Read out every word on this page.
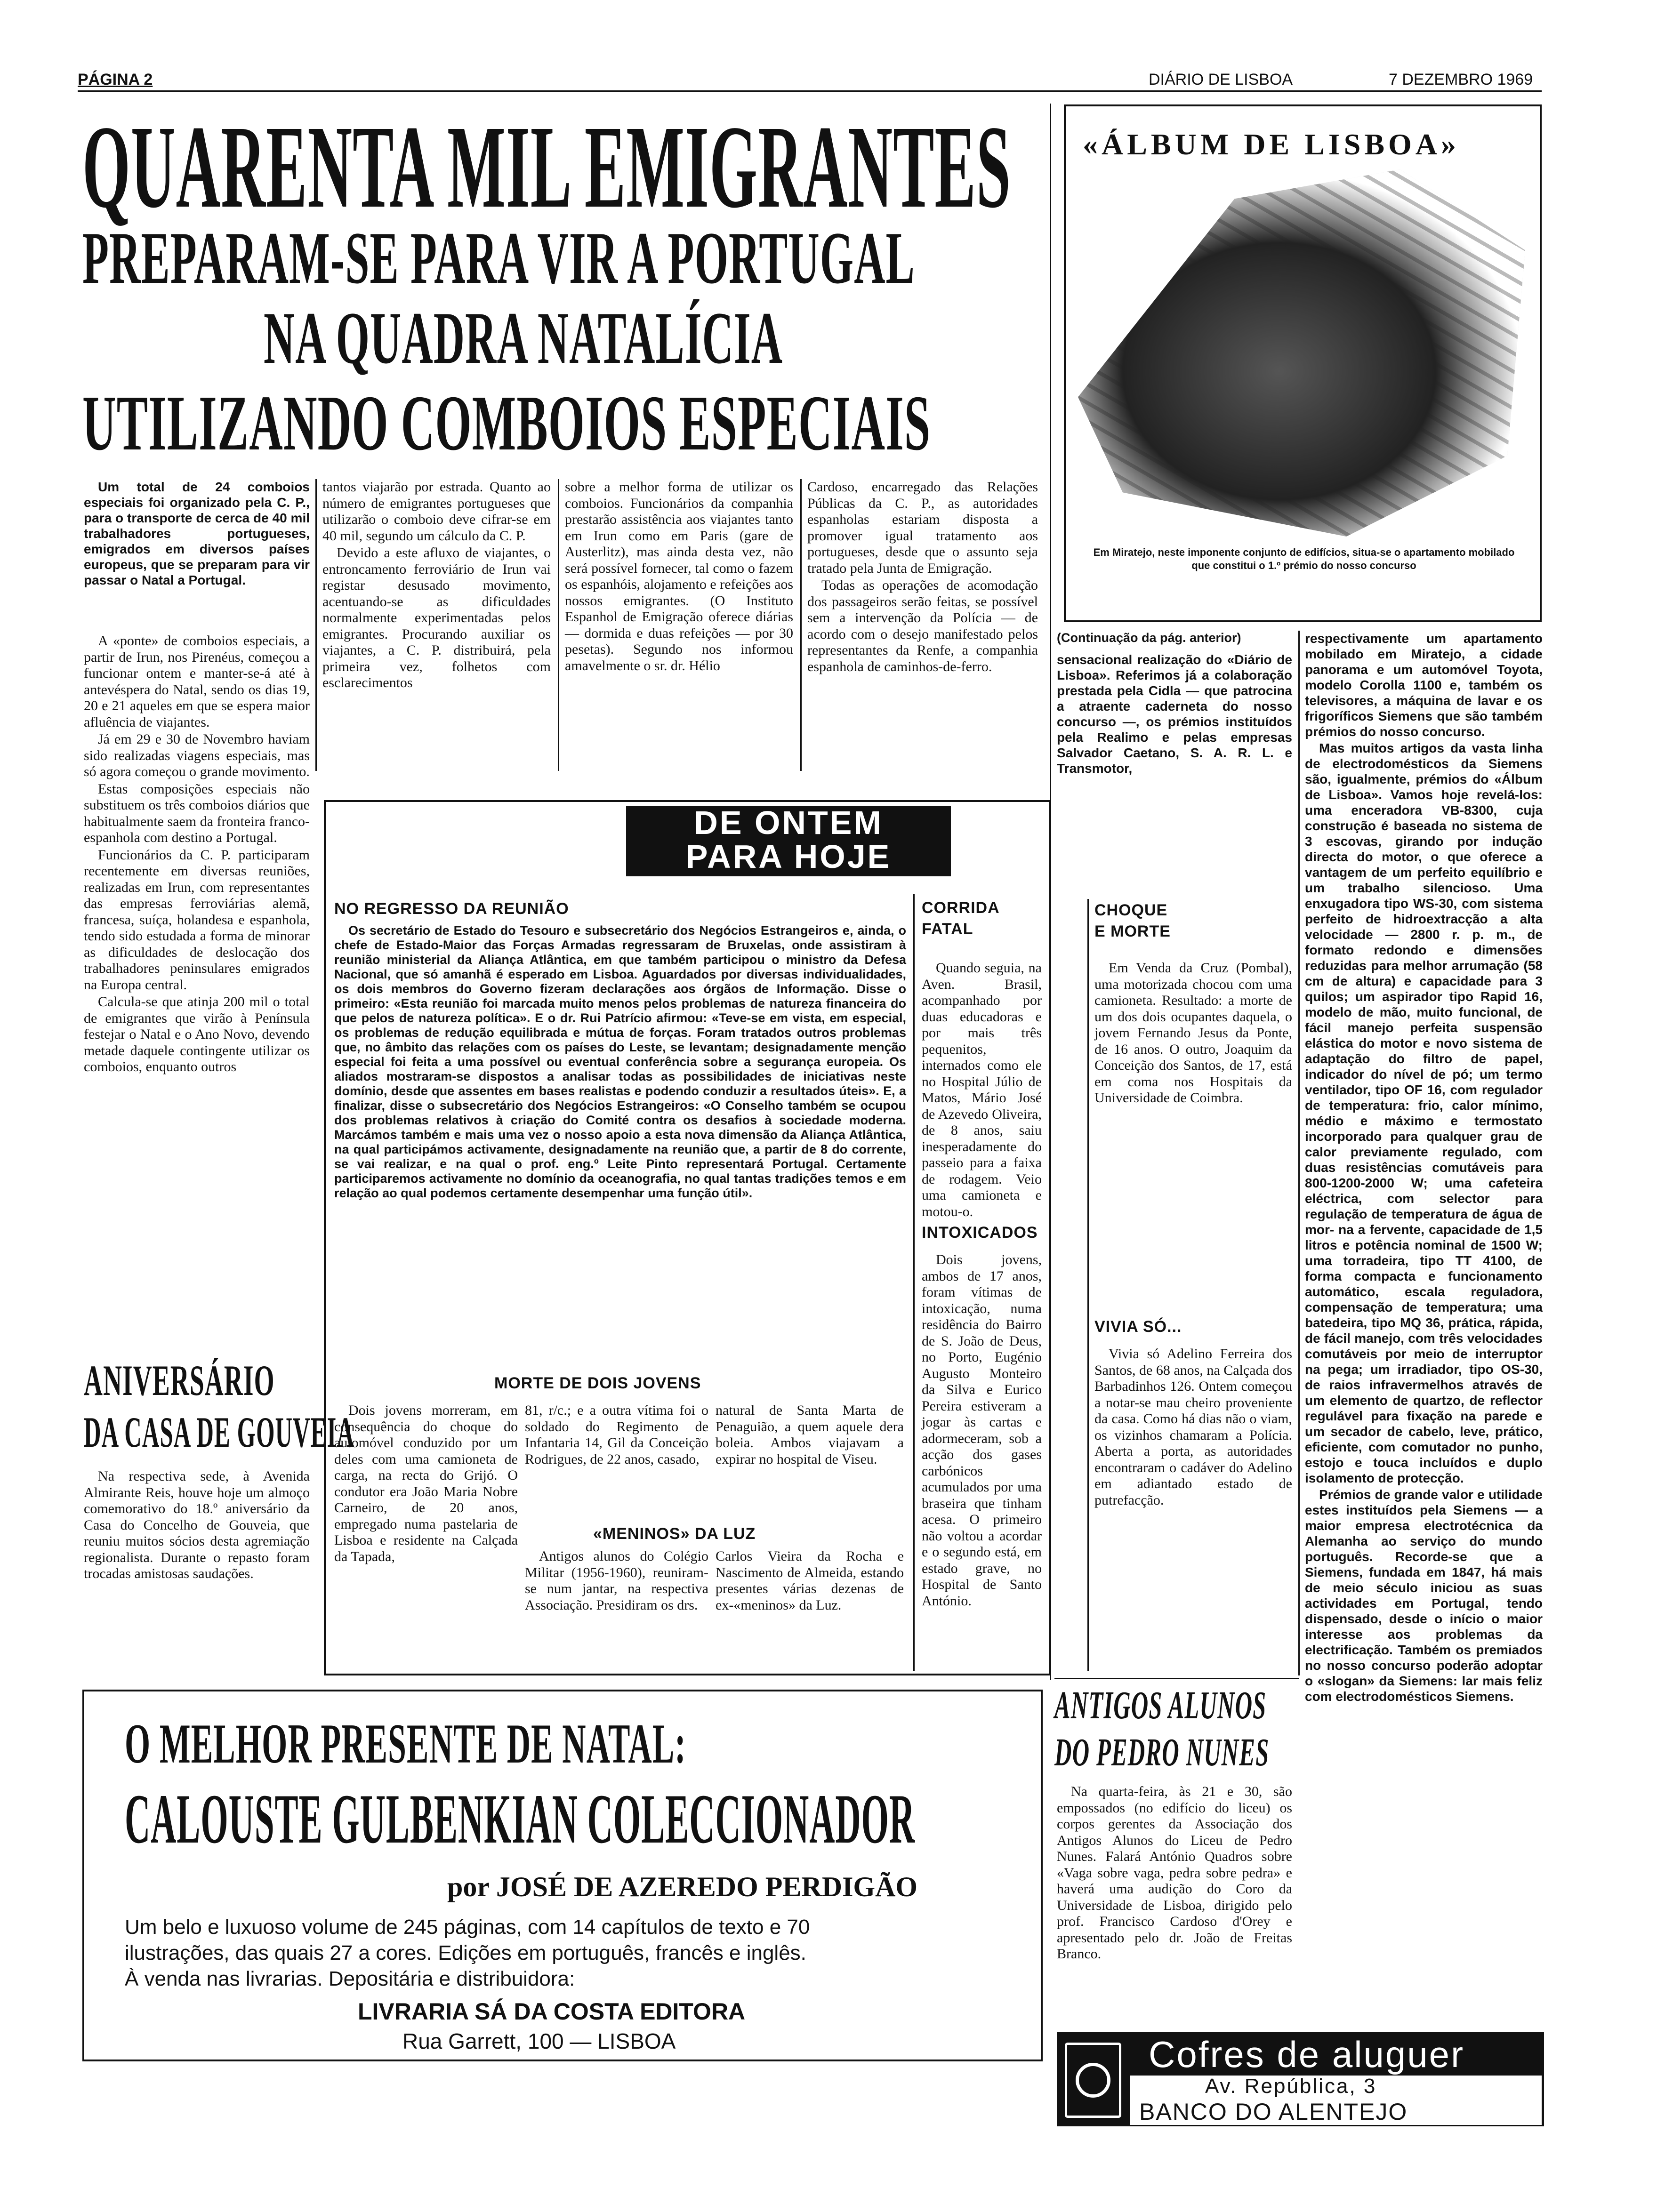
PÁGINA 2	DIÁRIO DE LISBOA	7 DEZEMBRO 1969
QUARENTA MIL EMIGRANTES
PREPARAM-SE PARA VIR A PORTUGAL
NA QUADRA NATALÍCIA
UTILIZANDO COMBOIOS ESPECIAIS
Um total de 24 comboios especiais foi organizado pela C. P., para o transporte de cerca de 40 mil trabalhadores portugueses, emigrados em diversos países europeus, que se preparam para vir passar o Natal a Portugal.

A «ponte» de comboios especiais, a partir de Irun, nos Pirenéus, começou a funcionar ontem e manter-se-á até à antevéspera do Natal, sendo os dias 19, 20 e 21 aqueles em que se espera maior afluência de viajantes.

Já em 29 e 30 de Novembro haviam sido realizadas viagens especiais, mas só agora começou o grande movimento.

Estas composições especiais não substituem os três comboios diários que habitualmente saem da fronteira franco-espanhola com destino a Portugal.

Funcionários da C. P. participaram recentemente em diversas reuniões, realizadas em Irun, com representantes das empresas ferroviárias alemã, francesa, suíça, holandesa e espanhola, tendo sido estudada a forma de minorar as dificuldades de deslocação dos trabalhadores peninsulares emigrados na Europa central.

Calcula-se que atinja 200 mil o total de emigrantes que virão à Península festejar o Natal e o Ano Novo, devendo metade daquele contingente utilizar os comboios, enquanto outros

tantos viajarão por estrada. Quanto ao número de emigrantes portugueses que utilizarão o comboio deve cifrar-se em 40 mil, segundo um cálculo da C. P.

Devido a este afluxo de viajantes, o entroncamento ferroviário de Irun vai registar desusado movimento, acentuando-se as dificuldades normalmente experimentadas pelos emigrantes. Procurando auxiliar os viajantes, a C. P. distribuirá, pela primeira vez, folhetos com esclarecimentos

sobre a melhor forma de utilizar os comboios. Funcionários da companhia prestarão assistência aos viajantes tanto em Irun como em Paris (gare de Austerlitz), mas ainda desta vez, não será possível fornecer, tal como o fazem os espanhóis, alojamento e refeições aos nossos emigrantes. (O Instituto Espanhol de Emigração oferece diárias — dormida e duas refeições — por 30 pesetas). Segundo nos informou amavelmente o sr. dr. Hélio

Cardoso, encarregado das Relações Públicas da C. P., as autoridades espanholas estariam disposta a promover igual tratamento aos portugueses, desde que o assunto seja tratado pela Junta de Emigração.

Todas as operações de acomodação dos passageiros serão feitas, se possível sem a intervenção da Polícia — de acordo com o desejo manifestado pelos representantes da Renfe, a companhia espanhola de caminhos-de-ferro.

ANIVERSÁRIO
DA CASA DE GOUVEIA
Na respectiva sede, à Avenida Almirante Reis, houve hoje um almoço comemorativo do 18.º aniversário da Casa do Concelho de Gouveia, que reuniu muitos sócios desta agremiação regionalista. Durante o repasto foram trocadas amistosas saudações.
«ÁLBUM DE LISBOA»
Em Miratejo, neste imponente conjunto de edifícios, situa-se o apartamento mobilado que constitui o 1.º prémio do nosso concurso
(Continuação da pág. anterior)
sensacional realização do «Diário de Lisboa». Referimos já a colaboração prestada pela Cidla — que patrocina a atraente caderneta do nosso concurso —, os prémios instituídos pela Realimo e pelas empresas Salvador Caetano, S. A. R. L. e Transmotor,

respectivamente um apartamento mobilado em Miratejo, a cidade panorama e um automóvel Toyota, modelo Corolla 1100 e, também os televisores, a máquina de lavar e os frigoríficos Siemens que são também prémios do nosso concurso.

Mas muitos artigos da vasta linha de electrodomésticos da Siemens são, igualmente, prémios do «Álbum de Lisboa». Vamos hoje revelá-los: uma enceradora VB-8300, cuja construção é baseada no sistema de 3 escovas, girando por indução directa do motor, o que oferece a vantagem de um perfeito equilíbrio e um trabalho silencioso. Uma enxugadora tipo WS-30, com sistema perfeito de hidroextracção a alta velocidade — 2800 r. p. m., de formato redondo e dimensões reduzidas para melhor arrumação (58 cm de altura) e capacidade para 3 quilos; um aspirador tipo Rapid 16, modelo de mão, muito funcional, de fácil manejo perfeita suspensão elástica do motor e novo sistema de adaptação do filtro de papel, indicador do nível de pó; um termo ventilador, tipo OF 16, com regulador de temperatura: frio, calor mínimo, médio e máximo e termostato incorporado para qualquer grau de calor previamente regulado, com duas resistências comutáveis para 800-1200-2000 W; uma cafeteira eléctrica, com selector para regulação de temperatura de água de mor- na a fervente, capacidade de 1,5 litros e potência nominal de 1500 W; uma torradeira, tipo TT 4100, de forma compacta e funcionamento automático, escala reguladora, compensação de temperatura; uma batedeira, tipo MQ 36, prática, rápida, de fácil manejo, com três velocidades comutáveis por meio de interruptor na pega; um irradiador, tipo OS-30, de raios infravermelhos através de um elemento de quartzo, de reflector regulável para fixação na parede e um secador de cabelo, leve, prático, eficiente, com comutador no punho, estojo e touca incluídos e duplo isolamento de protecção.

Prémios de grande valor e utilidade estes instituídos pela Siemens — a maior empresa electrotécnica da Alemanha ao serviço do mundo português. Recorde-se que a Siemens, fundada em 1847, há mais de meio século iniciou as suas actividades em Portugal, tendo dispensado, desde o início o maior interesse aos problemas da electrificação. Também os premiados no nosso concurso poderão adoptar o «slogan» da Siemens: lar mais feliz com electrodomésticos Siemens.

DE ONTEM
PARA HOJE
NO REGRESSO DA REUNIÃO
Os secretário de Estado do Tesouro e subsecretário dos Negócios Estrangeiros e, ainda, o chefe de Estado-Maior das Forças Armadas regressaram de Bruxelas, onde assistiram à reunião ministerial da Aliança Atlântica, em que também participou o ministro da Defesa Nacional, que só amanhã é esperado em Lisboa. Aguardados por diversas individualidades, os dois membros do Governo fizeram declarações aos órgãos de Informação. Disse o primeiro: «Esta reunião foi marcada muito menos pelos problemas de natureza financeira do que pelos de natureza política». E o dr. Rui Patrício afirmou: «Teve-se em vista, em especial, os problemas de redução equilibrada e mútua de forças. Foram tratados outros problemas que, no âmbito das relações com os países do Leste, se levantam; designadamente menção especial foi feita a uma possível ou eventual conferência sobre a segurança europeia. Os aliados mostraram-se dispostos a analisar todas as possibilidades de iniciativas neste domínio, desde que assentes em bases realistas e podendo conduzir a resultados úteis». E, a finalizar, disse o subsecretário dos Negócios Estrangeiros: «O Conselho também se ocupou dos problemas relativos à criação do Comité contra os desafios à sociedade moderna. Marcámos também e mais uma vez o nosso apoio a esta nova dimensão da Aliança Atlântica, na qual participámos activamente, designadamente na reunião que, a partir de 8 do corrente, se vai realizar, e na qual o prof. eng.º Leite Pinto representará Portugal. Certamente participaremos activamente no domínio da oceanografia, no qual tantas tradições temos e em relação ao qual podemos certamente desempenhar uma função útil».
MORTE DE DOIS JOVENS
Dois jovens morreram, em consequência do choque do automóvel conduzido por um deles com uma camioneta de carga, na recta do Grijó. O condutor era João Maria Nobre Carneiro, de 20 anos, empregado numa pastelaria de Lisboa e residente na Calçada da Tapada,
81, r/c.; e a outra vítima foi o soldado do Regimento de Infantaria 14, Gil da Conceição Rodrigues, de 22 anos, casado,
natural de Santa Marta de Penaguião, a quem aquele dera boleia. Ambos viajavam a expirar no hospital de Viseu.
«MENINOS» DA LUZ
Antigos alunos do Colégio Militar (1956-1960), reuniram-se num jantar, na respectiva Associação. Presidiram os drs.
Carlos Vieira da Rocha e Nascimento de Almeida, estando presentes várias dezenas de ex-«meninos» da Luz.
CORRIDA
FATAL
Quando seguia, na Aven. Brasil, acompanhado por duas educadoras e por mais três pequenitos, internados como ele no Hospital Júlio de Matos, Mário José de Azevedo Oliveira, de 8 anos, saiu inesperadamente do passeio para a faixa de rodagem. Veio uma camioneta e motou-o.
INTOXICADOS
Dois jovens, ambos de 17 anos, foram vítimas de intoxicação, numa residência do Bairro de S. João de Deus, no Porto, Eugénio Augusto Monteiro da Silva e Eurico Pereira estiveram a jogar às cartas e adormeceram, sob a acção dos gases carbónicos acumulados por uma braseira que tinham acesa. O primeiro não voltou a acordar e o segundo está, em estado grave, no Hospital de Santo António.
CHOQUE
E MORTE
Em Venda da Cruz (Pombal), uma motorizada chocou com uma camioneta. Resultado: a morte de um dos dois ocupantes daquela, o jovem Fernando Jesus da Ponte, de 16 anos. O outro, Joaquim da Conceição dos Santos, de 17, está em coma nos Hospitais da Universidade de Coimbra.
VIVIA SÓ...
Vivia só Adelino Ferreira dos Santos, de 68 anos, na Calçada dos Barbadinhos 126. Ontem começou a notar-se mau cheiro proveniente da casa. Como há dias não o viam, os vizinhos chamaram a Polícia. Aberta a porta, as autoridades encontraram o cadáver do Adelino em adiantado estado de putrefacção.
O MELHOR PRESENTE DE NATAL:
CALOUSTE GULBENKIAN COLECCIONADOR
por JOSÉ DE AZEREDO PERDIGÃO
Um belo e luxuoso volume de 245 páginas, com 14 capítulos de texto e 70
ilustrações, das quais 27 a cores. Edições em português, francês e inglês.
À venda nas livrarias. Depositária e distribuidora:
LIVRARIA SÁ DA COSTA EDITORA
Rua Garrett, 100 — LISBOA
ANTIGOS ALUNOS
DO PEDRO NUNES
Na quarta-feira, às 21 e 30, são empossados (no edifício do liceu) os corpos gerentes da Associação dos Antigos Alunos do Liceu de Pedro Nunes. Falará António Quadros sobre «Vaga sobre vaga, pedra sobre pedra» e haverá uma audição do Coro da Universidade de Lisboa, dirigido pelo prof. Francisco Cardoso d'Orey e apresentado pelo dr. João de Freitas Branco.
Cofres de aluguer
Av. República, 3
BANCO DO ALENTEJO
